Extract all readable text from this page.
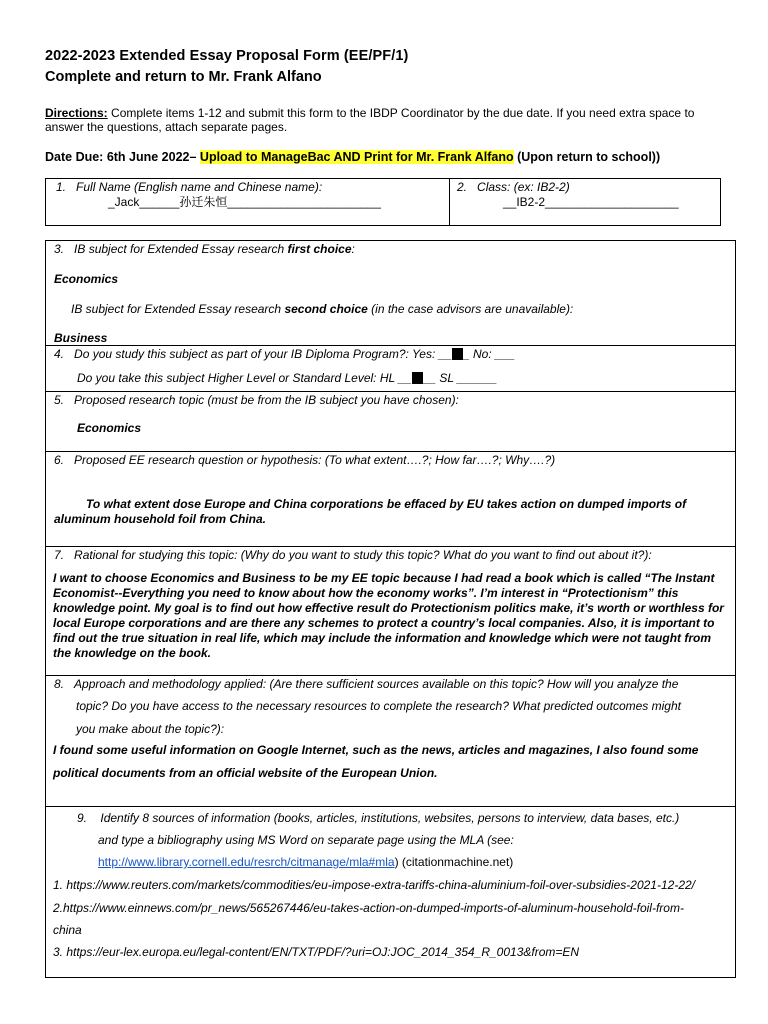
2022-2023 Extended Essay Proposal Form (EE/PF/1)
Complete and return to Mr. Frank Alfano
Directions: Complete items 1-12 and submit this form to the IBDP Coordinator by the due date. If you need extra space to answer the questions, attach separate pages.
Date Due: 6th June 2022– Upload to ManageBac AND Print for Mr. Frank Alfano (Upon return to school))
1. Full Name (English name and Chinese name):
_Jack______孙迁朱恒_______________________
2. Class: (ex: IB2-2)
__IB2-2____________________
3. IB subject for Extended Essay research first choice:
Economics
IB subject for Extended Essay research second choice (in the case advisors are unavailable):
Business
4. Do you study this subject as part of your IB Diploma Program?: Yes: __ _ No: ___
Do you take this subject Higher Level or Standard Level: HL __ __ SL ______
5. Proposed research topic (must be from the IB subject you have chosen):
Economics
6. Proposed EE research question or hypothesis: (To what extent….?; How far….?; Why….?)
To what extent dose Europe and China corporations be effaced by EU takes action on dumped imports of
aluminum household foil from China.
7. Rational for studying this topic: (Why do you want to study this topic? What do you want to find out about it?):
I want to choose Economics and Business to be my EE topic because I had read a book which is called “The Instant Economist--Everything you need to know about how the economy works”. I’m interest in “Protectionism” this knowledge point. My goal is to find out how effective result do Protectionism politics make, it’s worth or worthless for local Europe corporations and are there any schemes to protect a country’s local companies. Also, it is important to find out the true situation in real life, which may include the information and knowledge which were not taught from the knowledge on the book.
8. Approach and methodology applied: (Are there sufficient sources available on this topic? How will you analyze the
topic? Do you have access to the necessary resources to complete the research? What predicted outcomes might
you make about the topic?):
I found some useful information on Google Internet, such as the news, articles and magazines, I also found some
political documents from an official website of the European Union.
9. Identify 8 sources of information (books, articles, institutions, websites, persons to interview, data bases, etc.)
and type a bibliography using MS Word on separate page using the MLA (see:
http://www.library.cornell.edu/resrch/citmanage/mla#mla) (citationmachine.net)
1. https://www.reuters.com/markets/commodities/eu-impose-extra-tariffs-china-aluminium-foil-over-subsidies-2021-12-22/
2.https://www.einnews.com/pr_news/565267446/eu-takes-action-on-dumped-imports-of-aluminum-household-foil-from-
china
3. https://eur-lex.europa.eu/legal-content/EN/TXT/PDF/?uri=OJ:JOC_2014_354_R_0013&from=EN
